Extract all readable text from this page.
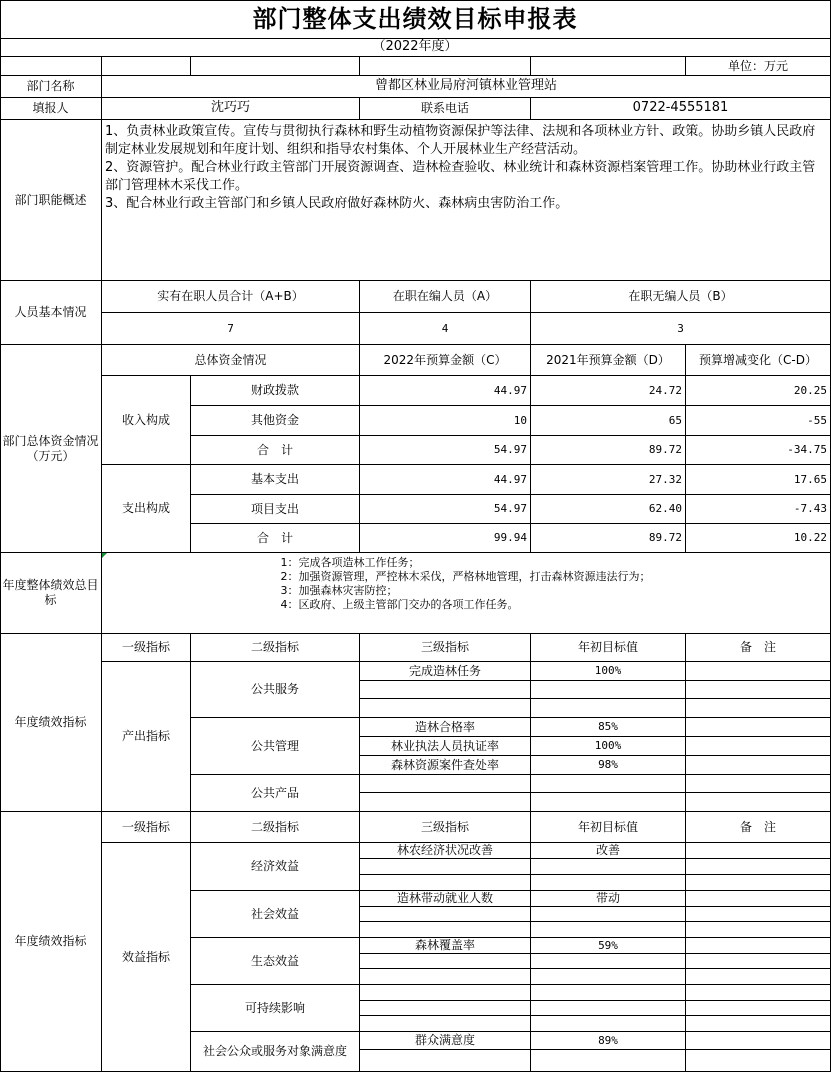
部门整体支出绩效目标申报表
（2022年度）
单位：万元
部门名称	曾都区林业局府河镇林业管理站
填报人	沈巧巧	联系电话	0722-4555181
部门职能概述
1、负责林业政策宣传。宣传与贯彻执行森林和野生动植物资源保护等法律、法规和各项林业方针、政策。协助乡镇人民政府制定林业发展规划和年度计划、组织和指导农村集体、个人开展林业生产经营活动。
2、资源管护。配合林业行政主管部门开展资源调查、造林检查验收、林业统计和森林资源档案管理工作。协助林业行政主管部门管理林木采伐工作。
3、配合林业行政主管部门和乡镇人民政府做好森林防火、森林病虫害防治工作。
人员基本情况
实有在职人员合计（A+B）	在职在编人员（A）	在职无编人员（B）
7	4	3
部门总体资金情况（万元）
总体资金情况	2022年预算金额（C）	2021年预算金额（D）	预算增减变化（C-D）
收入构成
财政拨款	44.97	24.72	20.25
其他资金	10	65	-55
合　计	54.97	89.72	-34.75
支出构成
基本支出	44.97	27.32	17.65
项目支出	54.97	62.40	-7.43
合　计	99.94	89.72	10.22
年度整体绩效总目标
1：完成各项造林工作任务；
2：加强资源管理，严控林木采伐，严格林地管理，打击森林资源违法行为；
3：加强森林灾害防控；
4：区政府、上级主管部门交办的各项工作任务。
年度绩效指标
一级指标	二级指标	三级指标	年初目标值	备　注
产出指标
公共服务
完成造林任务	100%
公共管理
造林合格率	85%
林业执法人员执证率	100%
森林资源案件查处率	98%
公共产品
年度绩效指标
一级指标	二级指标	三级指标	年初目标值	备　注
效益指标
经济效益
林农经济状况改善	改善
社会效益
造林带动就业人数	带动
生态效益
森林覆盖率	59%
可持续影响
社会公众或服务对象满意度
群众满意度	89%
